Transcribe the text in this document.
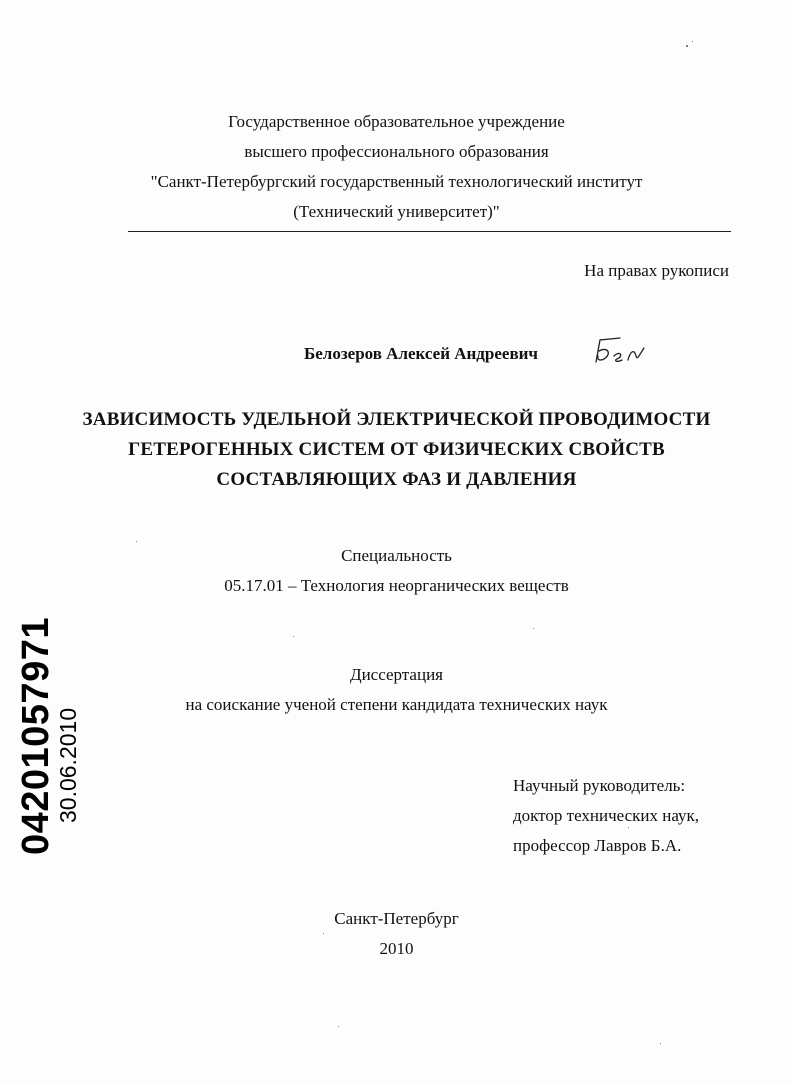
Государственное образовательное учреждение
высшего профессионального образования
"Санкт-Петербургский государственный технологический институт
(Технический университет)"
На правах рукописи
Белозеров Алексей Андреевич
ЗАВИСИМОСТЬ УДЕЛЬНОЙ ЭЛЕКТРИЧЕСКОЙ ПРОВОДИМОСТИ
ГЕТЕРОГЕННЫХ СИСТЕМ ОТ ФИЗИЧЕСКИХ СВОЙСТВ
СОСТАВЛЯЮЩИХ ФАЗ И ДАВЛЕНИЯ
Специальность
05.17.01 – Технология неорганических веществ
Диссертация
на соискание ученой степени кандидата технических наук
Научный руководитель:
доктор технических наук,
профессор Лавров Б.А.
Санкт-Петербург
2010
04201057971
30.06.2010
